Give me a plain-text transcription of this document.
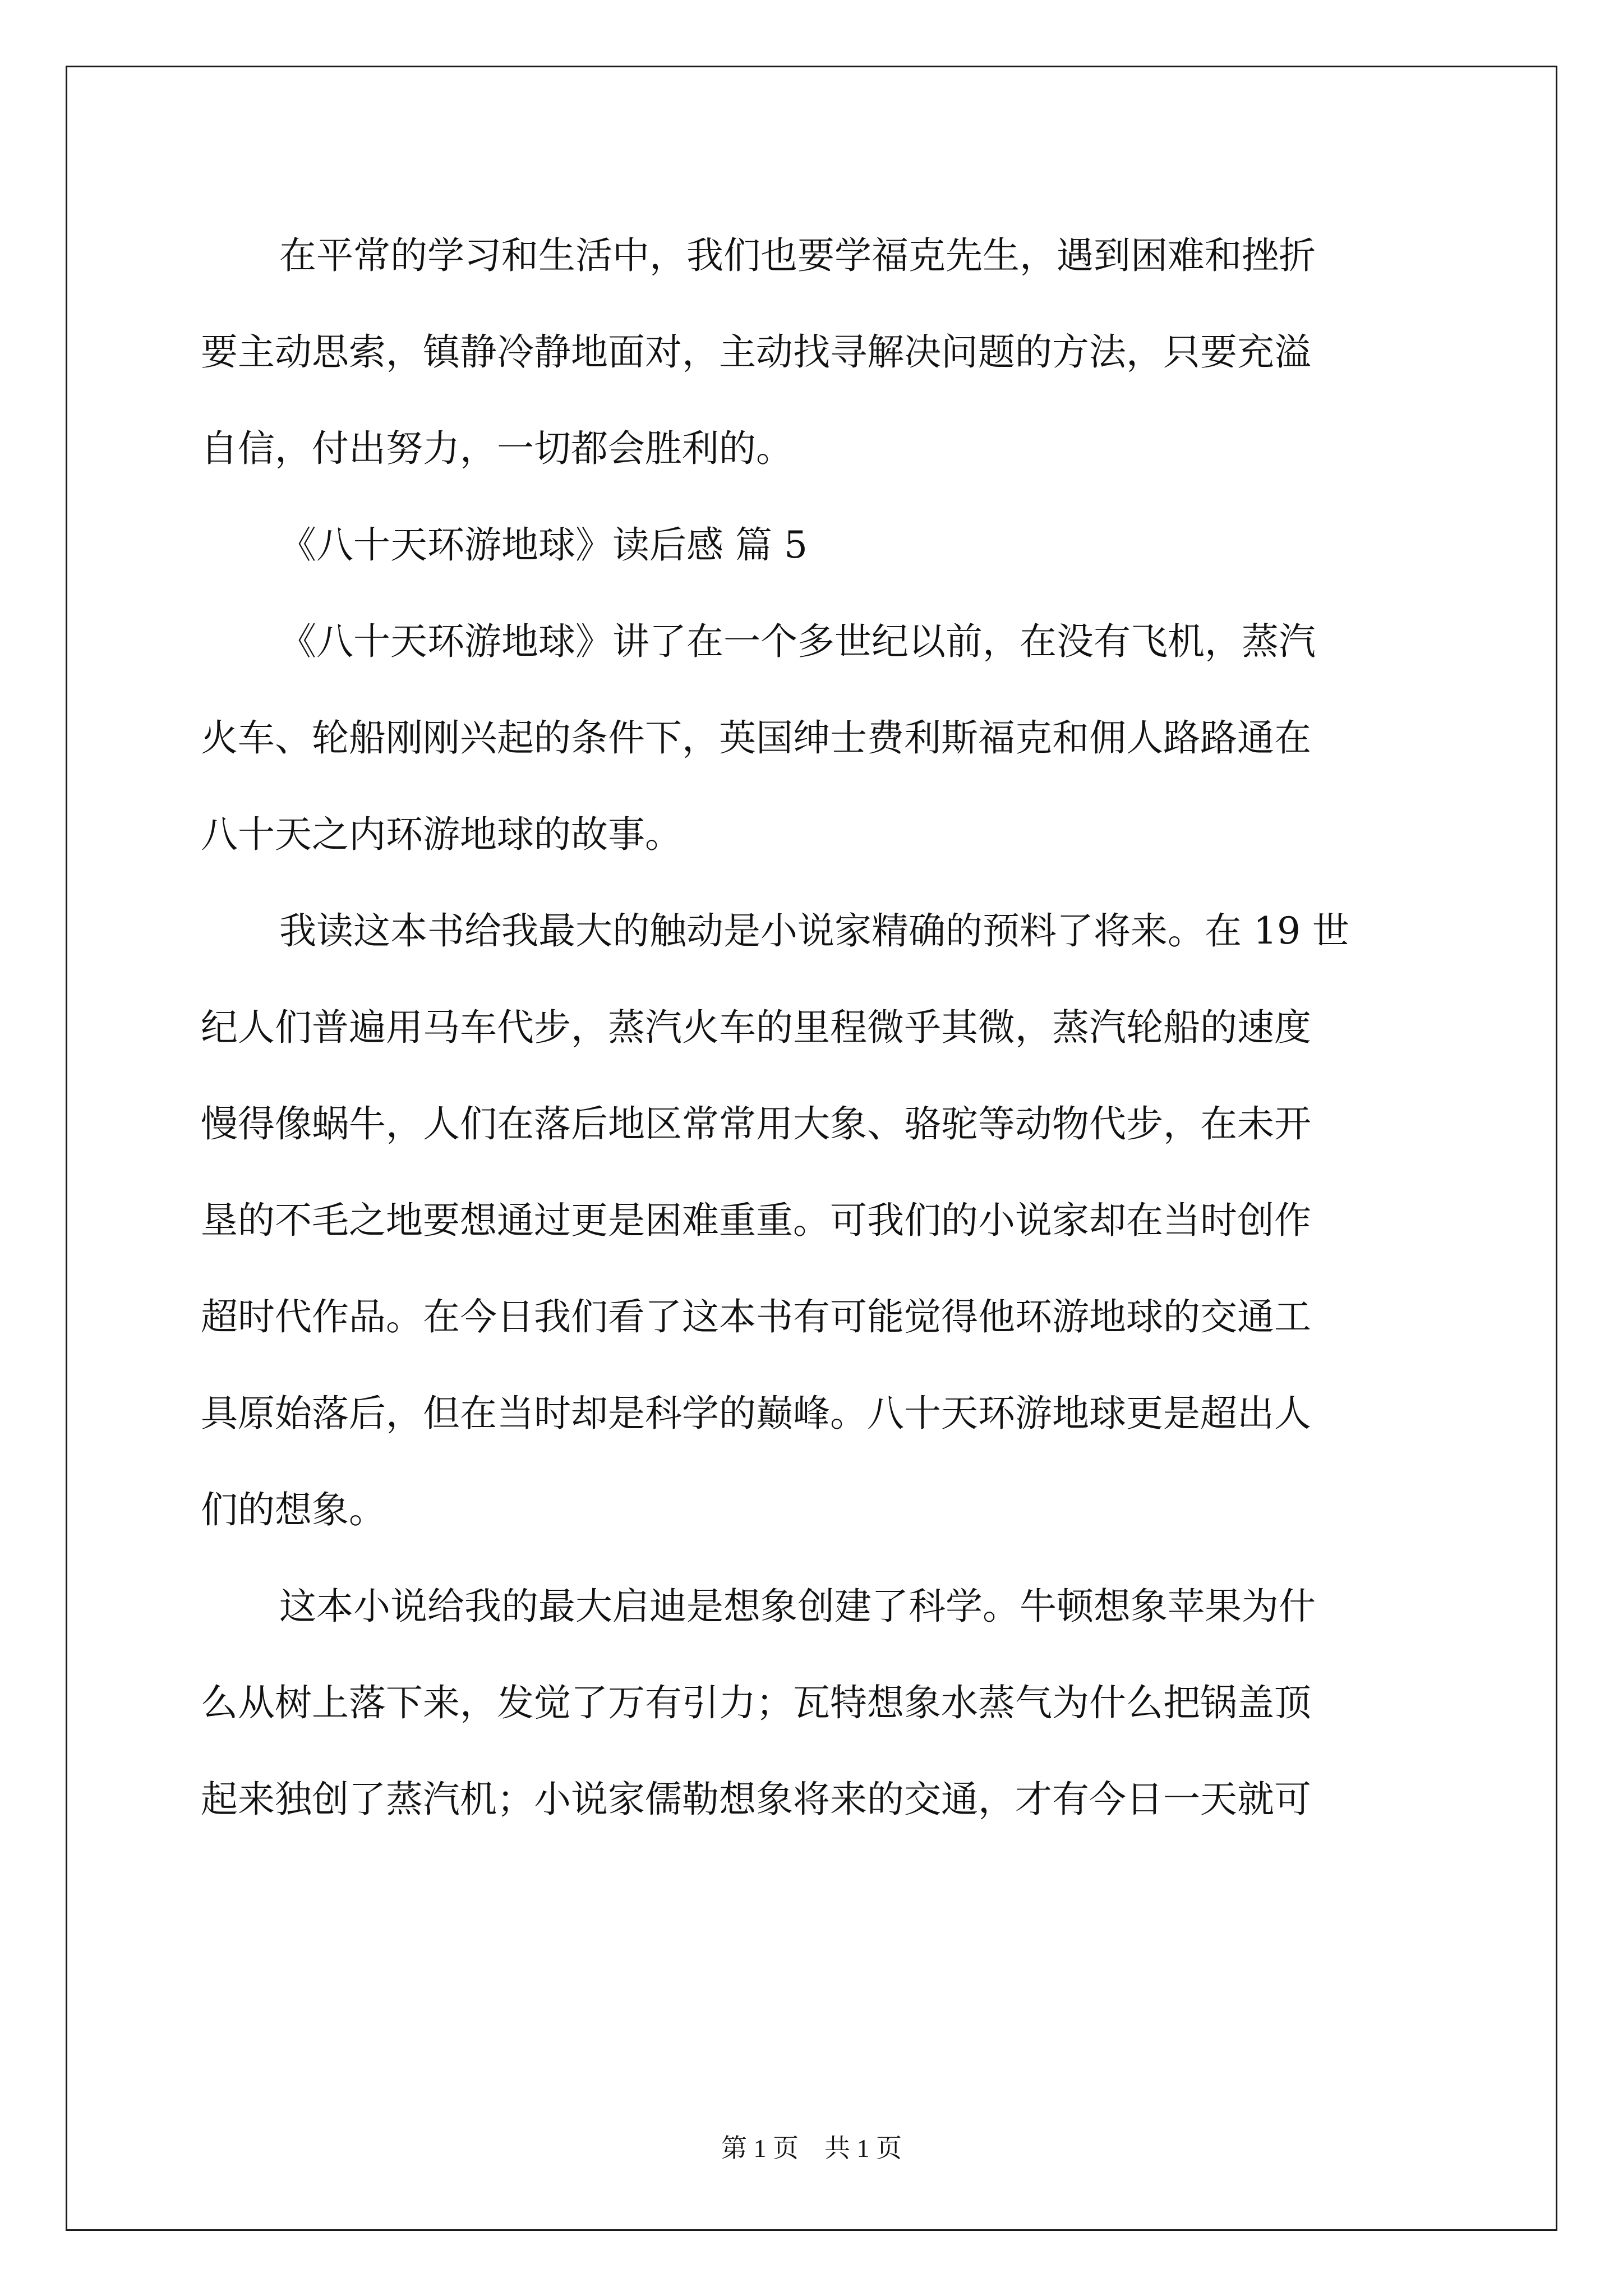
在平常的学习和生活中，我们也要学福克先生，遇到困难和挫折
要主动思索，镇静冷静地面对，主动找寻解决问题的方法，只要充溢
自信，付出努力，一切都会胜利的。
《八十天环游地球》读后感 篇 5
《八十天环游地球》讲了在一个多世纪以前，在没有飞机，蒸汽
火车、轮船刚刚兴起的条件下，英国绅士费利斯福克和佣人路路通在
八十天之内环游地球的故事。
我读这本书给我最大的触动是小说家精确的预料了将来。在 19 世
纪人们普遍用马车代步，蒸汽火车的里程微乎其微，蒸汽轮船的速度
慢得像蜗牛，人们在落后地区常常用大象、骆驼等动物代步，在未开
垦的不毛之地要想通过更是困难重重。可我们的小说家却在当时创作
超时代作品。在今日我们看了这本书有可能觉得他环游地球的交通工
具原始落后，但在当时却是科学的巅峰。八十天环游地球更是超出人
们的想象。
这本小说给我的最大启迪是想象创建了科学。牛顿想象苹果为什
么从树上落下来，发觉了万有引力；瓦特想象水蒸气为什么把锅盖顶
起来独创了蒸汽机；小说家儒勒想象将来的交通，才有今日一天就可
第 1 页　共 1 页
